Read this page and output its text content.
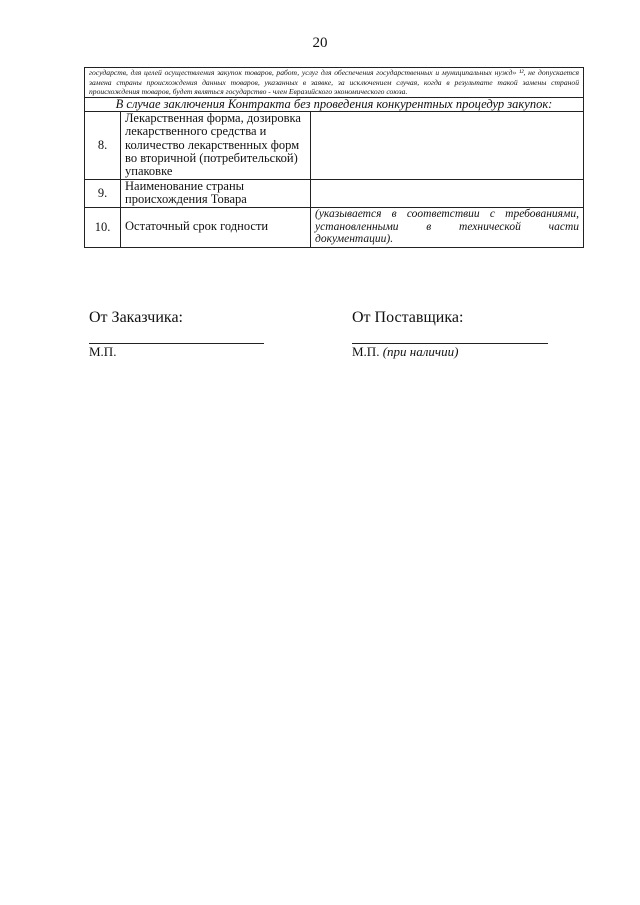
20
государств, для целей осуществления закупок товаров, работ, услуг для обеспечения государственных и муниципальных нужд» ¹², не допускается замена страны происхождения данных товаров, указанных в заявке, за исключением случая, когда в результате такой замены страной происхождения товаров, будет являться государство - член Евразийского экономического союза.		
В случае заключения Контракта без проведения конкурентных процедур закупок:		
8.	Лекарственная форма, дозировка лекарственного средства и количество лекарственных форм во вторичной (потребительской) упаковке	
9.	Наименование страны происхождения Товара	
10.	Остаточный срок годности	(указывается в соответствии с требованиями, установленными в технической части документации).
От Заказчика:	От Поставщика:
М.П.	М.П. (при наличии)
